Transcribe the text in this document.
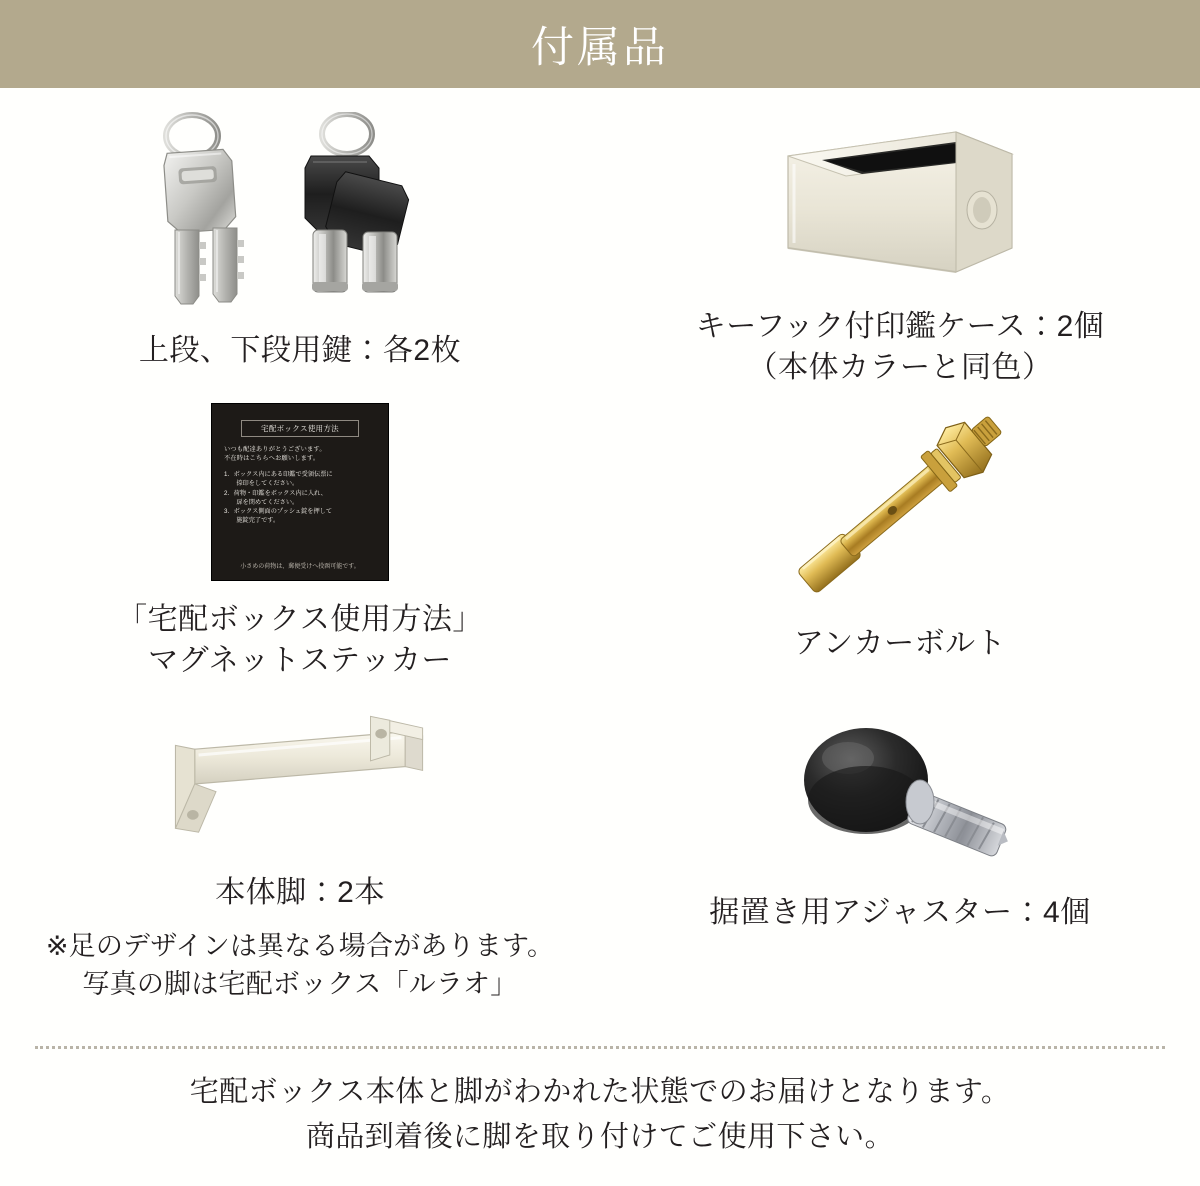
付属品
上段、下段用鍵：各2枚
キーフック付印鑑ケース：2個
（本体カラーと同色）
宅配ボックス使用方法
いつも配達ありがとうございます。
不在時はこちらへお願いします。
1．ボックス内にある印鑑で受領伝票に
　　捺印をしてください。
2．荷物・印鑑をボックス内に入れ、
　　扉を閉めてください。
3．ボックス側面のプッシュ錠を押して
　　施錠完了です。
小さめの荷物は、郵便受けへ投函可能です。
「宅配ボックス使用方法」
マグネットステッカー
アンカーボルト
本体脚：2本
※足のデザインは異なる場合があります。
写真の脚は宅配ボックス「ルラオ」
据置き用アジャスター：4個

宅配ボックス本体と脚がわかれた状態でのお届けとなります。

商品到着後に脚を取り付けてご使用下さい。
